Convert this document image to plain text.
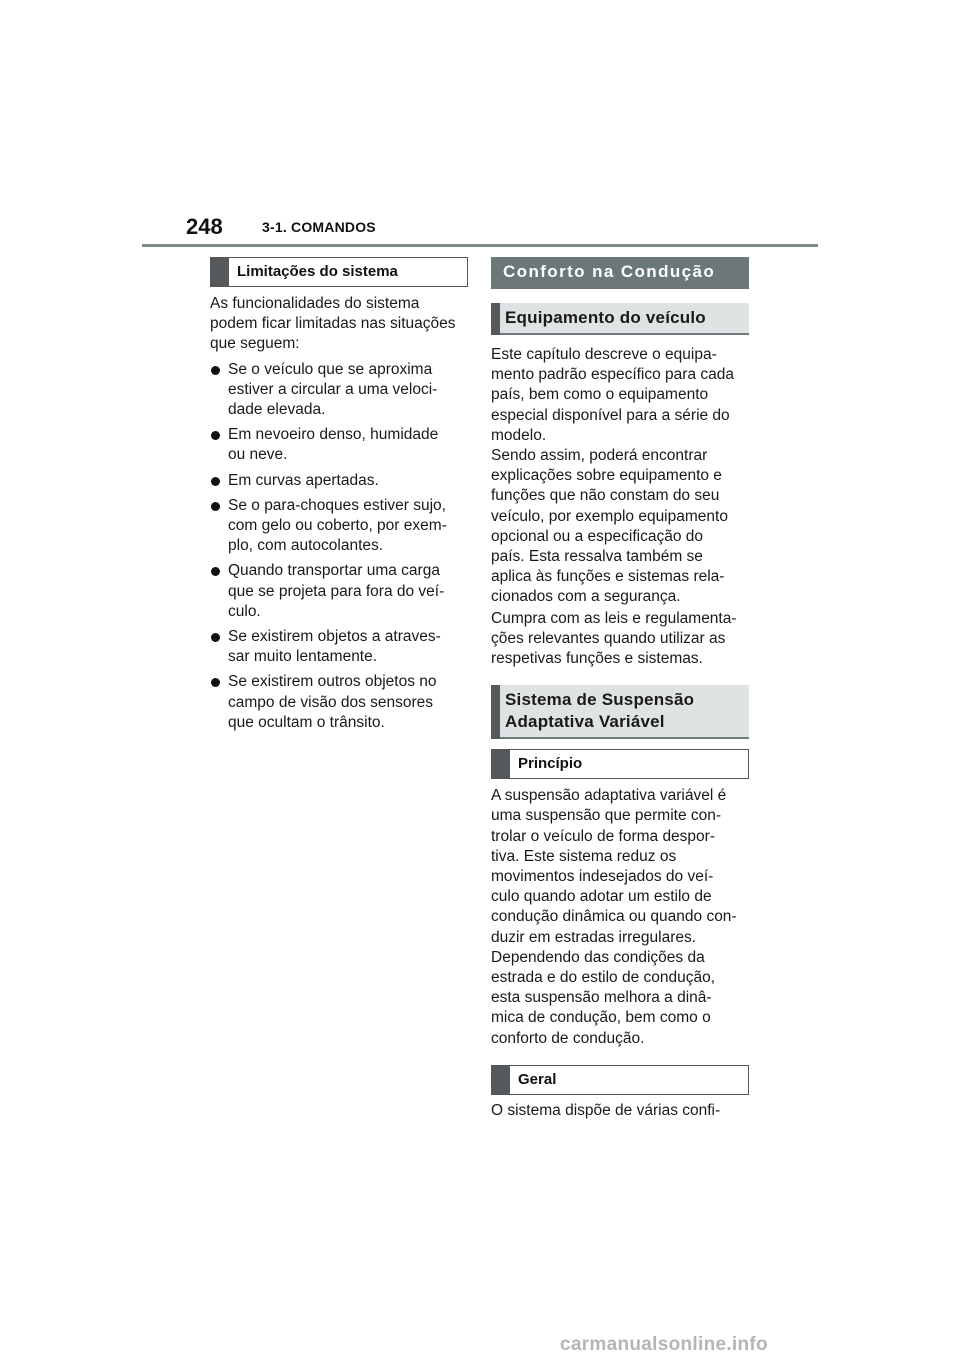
248	3-1. COMANDOS
Limitações do sistema

As funcionalidades do sistema
podem ficar limitadas nas situações
que seguem:

Se o veículo que se aproxima
estiver a circular a uma veloci-
dade elevada.
Em nevoeiro denso, humidade
ou neve.
Em curvas apertadas.
Se o para-choques estiver sujo,
com gelo ou coberto, por exem-
plo, com autocolantes.
Quando transportar uma carga
que se projeta para fora do veí-
culo.
Se existirem objetos a atraves-
sar muito lentamente.
Se existirem outros objetos no
campo de visão dos sensores
que ocultam o trânsito.
Conforto na Condução
Equipamento do veículo

Este capítulo descreve o equipa-
mento padrão específico para cada
país, bem como o equipamento
especial disponível para a série do
modelo.

Sendo assim, poderá encontrar
explicações sobre equipamento e
funções que não constam do seu
veículo, por exemplo equipamento
opcional ou a especificação do
país. Esta ressalva também se
aplica às funções e sistemas rela-
cionados com a segurança.

Cumpra com as leis e regulamenta-
ções relevantes quando utilizar as
respetivas funções e sistemas.

Sistema de Suspensão
Adaptativa Variável
Princípio

A suspensão adaptativa variável é
uma suspensão que permite con-
trolar o veículo de forma despor-
tiva. Este sistema reduz os
movimentos indesejados do veí-
culo quando adotar um estilo de
condução dinâmica ou quando con-
duzir em estradas irregulares.
Dependendo das condições da
estrada e do estilo de condução,
esta suspensão melhora a dinâ-
mica de condução, bem como o
conforto de condução.

Geral

O sistema dispõe de várias confi-

carmanualsonline.info
